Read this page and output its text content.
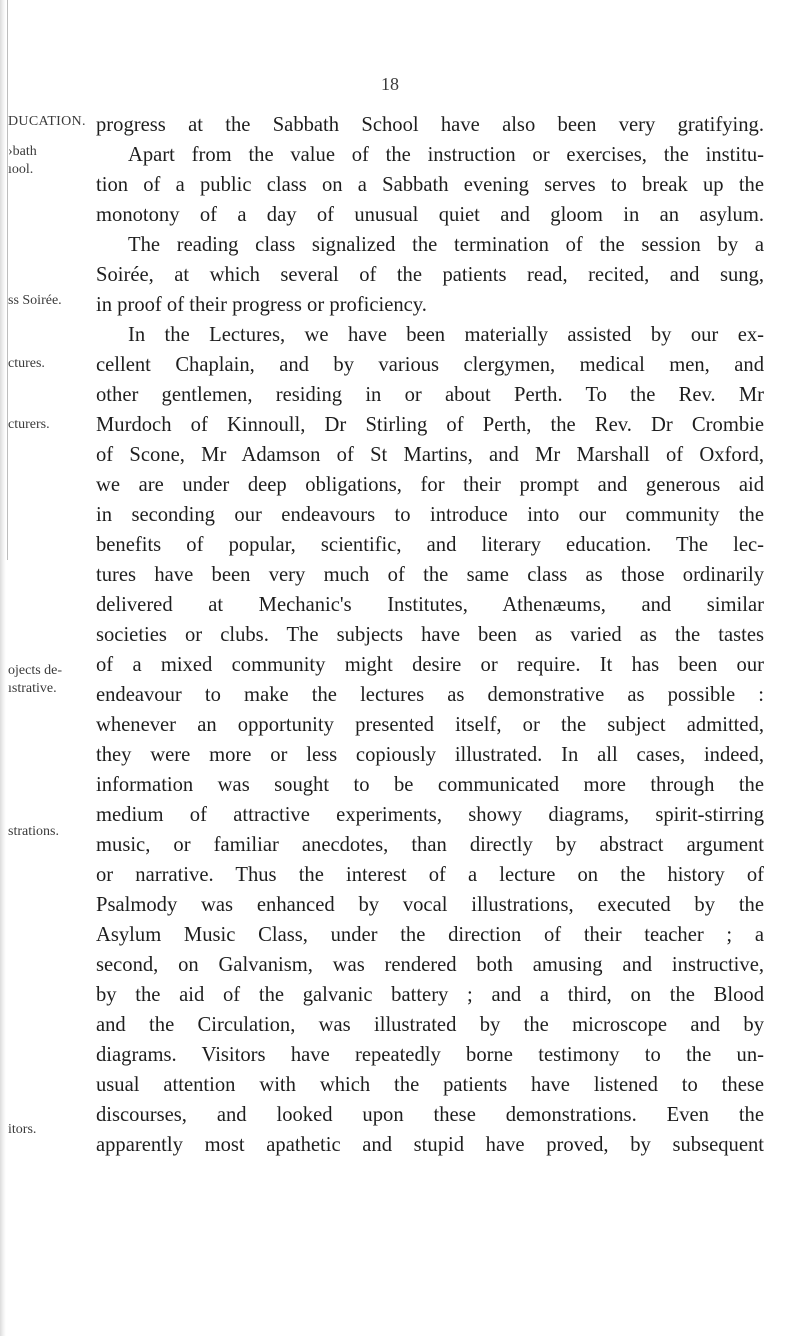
18
DUCATION.
›bath
ıool.
ss Soirée.
ctures.
cturers.
ojects de-
ıstrative.
strations.
itors.
progress at the Sabbath School have also been very gratifying.
Apart from the value of the instruction or exercises, the institu-
tion of a public class on a Sabbath evening serves to break up the
monotony of a day of unusual quiet and gloom in an asylum.
The reading class signalized the termination of the session by a
Soirée, at which several of the patients read, recited, and sung,
in proof of their progress or proficiency.
In the Lectures, we have been materially assisted by our ex-
cellent Chaplain, and by various clergymen, medical men, and
other gentlemen, residing in or about Perth. To the Rev. Mr
Murdoch of Kinnoull, Dr Stirling of Perth, the Rev. Dr Crombie
of Scone, Mr Adamson of St Martins, and Mr Marshall of Oxford,
we are under deep obligations, for their prompt and generous aid
in seconding our endeavours to introduce into our community the
benefits of popular, scientific, and literary education. The lec-
tures have been very much of the same class as those ordinarily
delivered at Mechanic's Institutes, Athenæums, and similar
societies or clubs. The subjects have been as varied as the tastes
of a mixed community might desire or require. It has been our
endeavour to make the lectures as demonstrative as possible :
whenever an opportunity presented itself, or the subject admitted,
they were more or less copiously illustrated. In all cases, indeed,
information was sought to be communicated more through the
medium of attractive experiments, showy diagrams, spirit-stirring
music, or familiar anecdotes, than directly by abstract argument
or narrative. Thus the interest of a lecture on the history of
Psalmody was enhanced by vocal illustrations, executed by the
Asylum Music Class, under the direction of their teacher ; a
second, on Galvanism, was rendered both amusing and instructive,
by the aid of the galvanic battery ; and a third, on the Blood
and the Circulation, was illustrated by the microscope and by
diagrams. Visitors have repeatedly borne testimony to the un-
usual attention with which the patients have listened to these
discourses, and looked upon these demonstrations. Even the
apparently most apathetic and stupid have proved, by subsequent
